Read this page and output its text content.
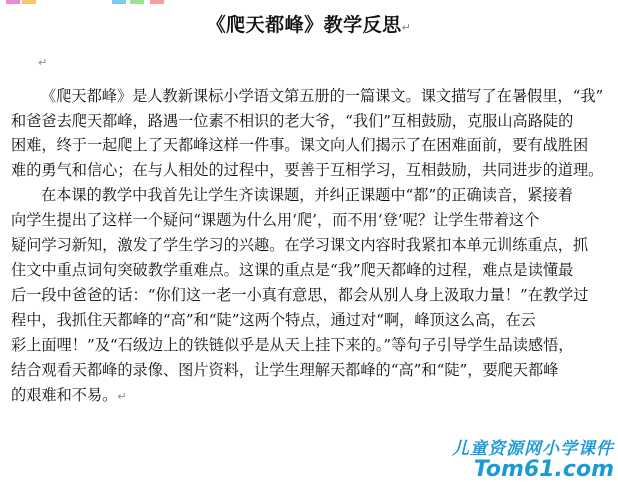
《爬天都峰》教学反思↵
↵
《爬天都峰》是人教新课标小学语文第五册的一篇课文。课文描写了在暑假里，“我”
和爸爸去爬天都峰，路遇一位素不相识的老大爷，“我们”互相鼓励，克服山高路陡的
困难，终于一起爬上了天都峰这样一件事。课文向人们揭示了在困难面前，要有战胜困
难的勇气和信心；在与人相处的过程中，要善于互相学习，互相鼓励，共同进步的道理。
在本课的教学中我首先让学生齐读课题，并纠正课题中“都”的正确读音，紧接着
向学生提出了这样一个疑问“课题为什么用‘爬’，而不用‘登’呢？让学生带着这个
疑问学习新知，激发了学生学习的兴趣。在学习课文内容时我紧扣本单元训练重点，抓
住文中重点词句突破教学重难点。这课的重点是“我”爬天都峰的过程，难点是读懂最
后一段中爸爸的话：“你们这一老一小真有意思，都会从别人身上汲取力量！”在教学过
程中，我抓住天都峰的“高”和“陡”这两个特点，通过对“啊，峰顶这么高，在云
彩上面哩！”及“石级边上的铁链似乎是从天上挂下来的。”等句子引导学生品读感悟，
结合观看天都峰的录像、图片资料，让学生理解天都峰的“高”和“陡”，要爬天都峰
的艰难和不易。↵
儿童资源网小学课件
Tom61.com
